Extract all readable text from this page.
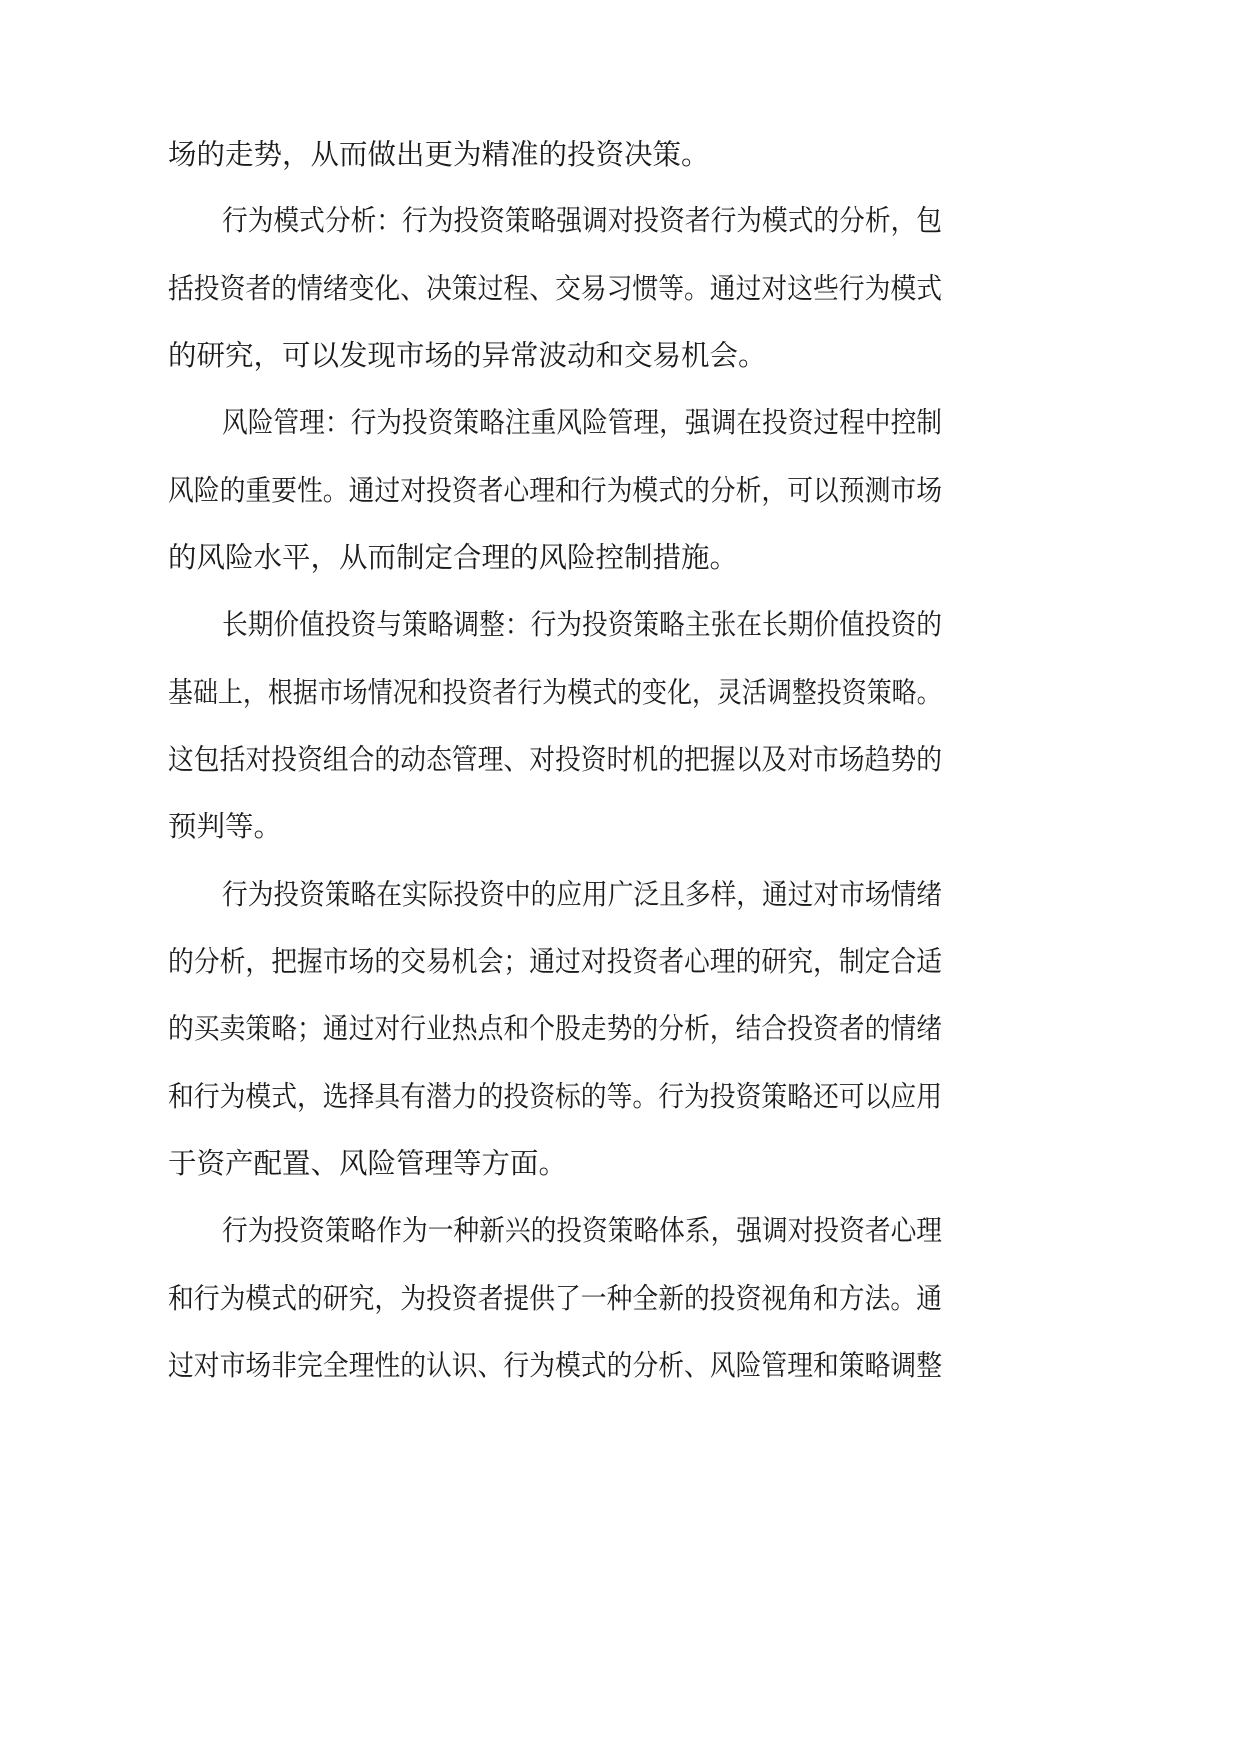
场的走势，从而做出更为精准的投资决策。
行为模式分析：行为投资策略强调对投资者行为模式的分析，包
括投资者的情绪变化、决策过程、交易习惯等。通过对这些行为模式
的研究，可以发现市场的异常波动和交易机会。
风险管理：行为投资策略注重风险管理，强调在投资过程中控制
风险的重要性。通过对投资者心理和行为模式的分析，可以预测市场
的风险水平，从而制定合理的风险控制措施。
长期价值投资与策略调整：行为投资策略主张在长期价值投资的
基础上，根据市场情况和投资者行为模式的变化，灵活调整投资策略。
这包括对投资组合的动态管理、对投资时机的把握以及对市场趋势的
预判等。
行为投资策略在实际投资中的应用广泛且多样，通过对市场情绪
的分析，把握市场的交易机会；通过对投资者心理的研究，制定合适
的买卖策略；通过对行业热点和个股走势的分析，结合投资者的情绪
和行为模式，选择具有潜力的投资标的等。行为投资策略还可以应用
于资产配置、风险管理等方面。
行为投资策略作为一种新兴的投资策略体系，强调对投资者心理
和行为模式的研究，为投资者提供了一种全新的投资视角和方法。通
过对市场非完全理性的认识、行为模式的分析、风险管理和策略调整
